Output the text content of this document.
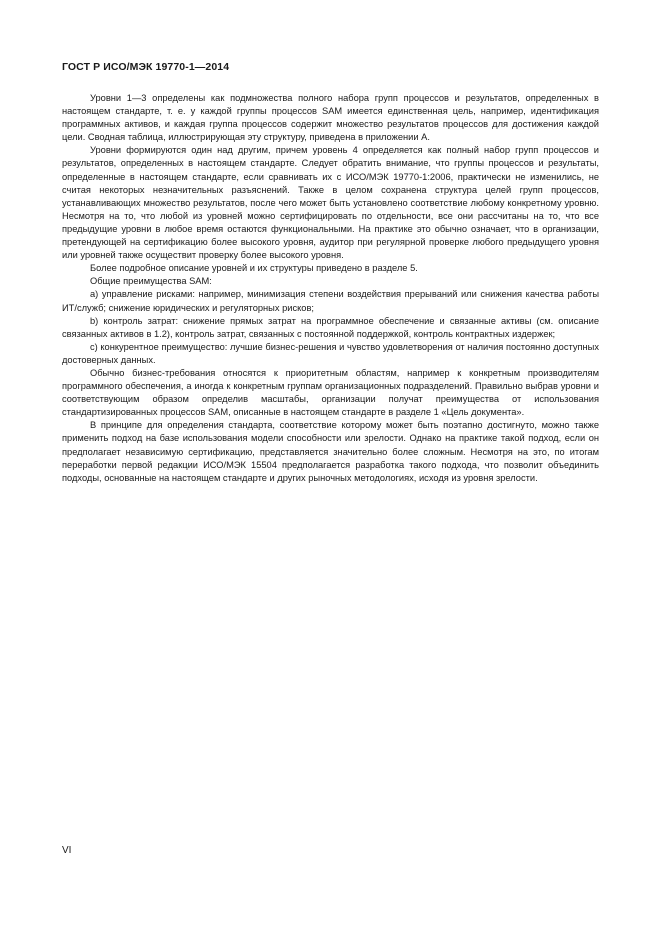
ГОСТ Р ИСО/МЭК 19770-1—2014

Уровни 1—3 определены как подмножества полного набора групп процессов и результатов, определенных в настоящем стандарте, т. е. у каждой группы процессов SAM имеется единственная цель, например, идентификация программных активов, и каждая группа процессов содержит множество результатов процессов для достижения каждой цели. Сводная таблица, иллюстрирующая эту структуру, приведена в приложении А.

Уровни формируются один над другим, причем уровень 4 определяется как полный набор групп процессов и результатов, определенных в настоящем стандарте. Следует обратить внимание, что группы процессов и результаты, определенные в настоящем стандарте, если сравнивать их с ИСО/МЭК 19770-1:2006, практически не изменились, не считая некоторых незначительных разъяснений. Также в целом сохранена структура целей групп процессов, устанавливающих множество результатов, после чего может быть установлено соответствие любому конкретному уровню. Несмотря на то, что любой из уровней можно сертифицировать по отдельности, все они рассчитаны на то, что все предыдущие уровни в любое время остаются функциональными. На практике это обычно означает, что в организации, претендующей на сертификацию более высокого уровня, аудитор при регулярной проверке любого предыдущего уровня или уровней также осуществит проверку более высокого уровня.

Более подробное описание уровней и их структуры приведено в разделе 5.

Общие преимущества SAM:

a) управление рисками: например, минимизация степени воздействия прерываний или снижения качества работы ИТ/служб; снижение юридических и регуляторных рисков;

b) контроль затрат: снижение прямых затрат на программное обеспечение и связанные активы (см. описание связанных активов в 1.2), контроль затрат, связанных с постоянной поддержкой, контроль контрактных издержек;

c) конкурентное преимущество: лучшие бизнес-решения и чувство удовлетворения от наличия постоянно доступных достоверных данных.

Обычно бизнес-требования относятся к приоритетным областям, например к конкретным производителям программного обеспечения, а иногда к конкретным группам организационных подразделений. Правильно выбрав уровни и соответствующим образом определив масштабы, организации получат преимущества от использования стандартизированных процессов SAM, описанные в настоящем стандарте в разделе 1 «Цель документа».

В принципе для определения стандарта, соответствие которому может быть поэтапно достигнуто, можно также применить подход на базе использования модели способности или зрелости. Однако на практике такой подход, если он предполагает независимую сертификацию, представляется значительно более сложным. Несмотря на это, по итогам переработки первой редакции ИСО/МЭК 15504 предполагается разработка такого подхода, что позволит объединить подходы, основанные на настоящем стандарте и других рыночных методологиях, исходя из уровня зрелости.

VI
